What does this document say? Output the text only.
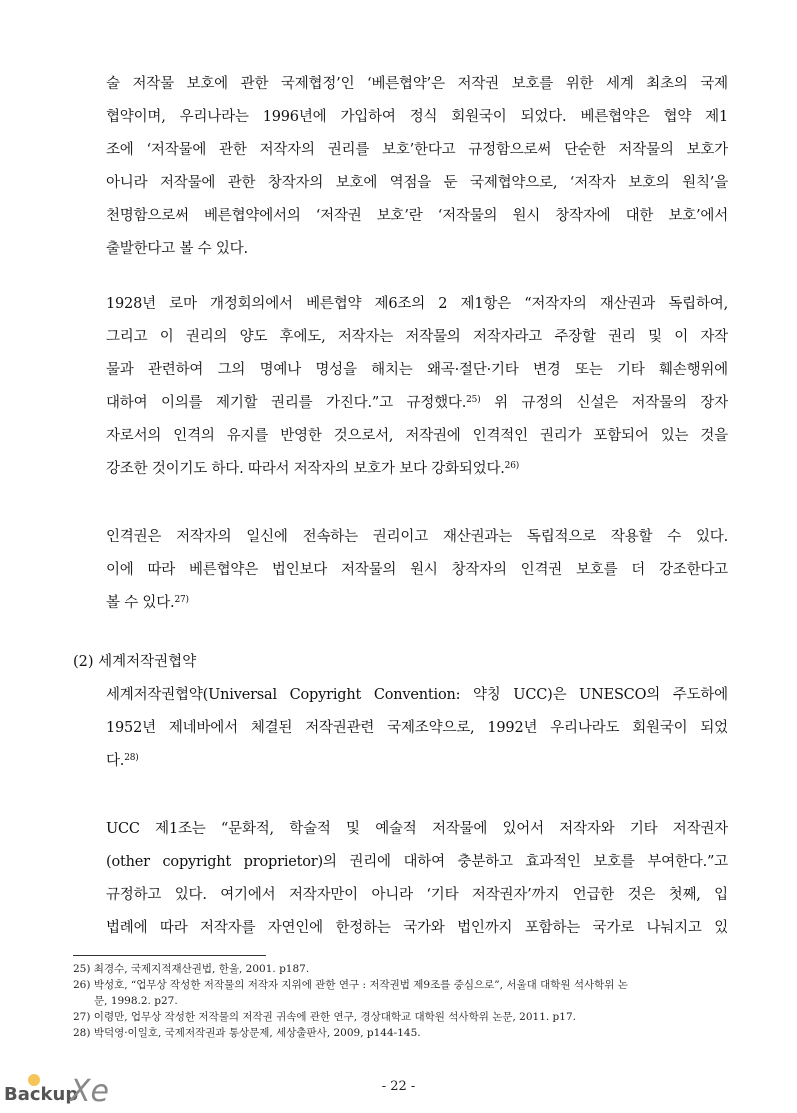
술 저작물 보호에 관한 국제협정’인 ‘베른협약’은 저작권 보호를 위한 세계 최초의 국제
협약이며, 우리나라는 1996년에 가입하여 정식 회원국이 되었다. 베른협약은 협약 제1
조에 ‘저작물에 관한 저작자의 권리를 보호’한다고 규정함으로써 단순한 저작물의 보호가
아니라 저작물에 관한 창작자의 보호에 역점을 둔 국제협약으로, ‘저작자 보호의 원칙’을
천명함으로써 베른협약에서의 ‘저작권 보호’란 ‘저작물의 원시 창작자에 대한 보호’에서
출발한다고 볼 수 있다.
1928년 로마 개정회의에서 베른협약 제6조의 2 제1항은 “저작자의 재산권과 독립하여,
그리고 이 권리의 양도 후에도, 저작자는 저작물의 저작자라고 주장할 권리 및 이 자작
물과 관련하여 그의 명예나 명성을 해치는 왜곡·절단·기타 변경 또는 기타 훼손행위에
대하여 이의를 제기할 권리를 가진다.”고 규정했다.$^{25)}$ 위 규정의 신설은 저작물의 장자
자로서의 인격의 유지를 반영한 것으로서, 저작권에 인격적인 권리가 포함되어 있는 것을
강조한 것이기도 하다. 따라서 저작자의 보호가 보다 강화되었다.$^{26)}$
인격권은 저작자의 일신에 전속하는 권리이고 재산권과는 독립적으로 작용할 수 있다.
이에 따라 베른협약은 법인보다 저작물의 원시 창작자의 인격권 보호를 더 강조한다고
볼 수 있다.$^{27)}$
(2) 세계저작권협약
세계저작권협약(Universal Copyright Convention: 약칭 UCC)은 UNESCO의 주도하에
1952년 제네바에서 체결된 저작권관련 국제조약으로, 1992년 우리나라도 회원국이 되었
다.$^{28)}$
UCC 제1조는 “문화적, 학술적 및 예술적 저작물에 있어서 저작자와 기타 저작권자
(other copyright proprietor)의 권리에 대하여 충분하고 효과적인 보호를 부여한다.”고
규정하고 있다. 여기에서 저작자만이 아니라 ‘기타 저작권자’까지 언급한 것은 첫째, 입
법례에 따라 저작자를 자연인에 한정하는 국가와 법인까지 포함하는 국가로 나눠지고 있
25) 최경수, 국제지적재산권법, 한울, 2001. p187.
26) 박성호, “업무상 작성한 저작물의 저작자 지위에 관한 연구 : 저작권법 제9조를 중심으로”, 서울대 대학원 석사학위 논
문, 1998.2. p27.
27) 이령만, 업무상 작성한 저작물의 저작권 귀속에 관한 연구, 경상대학교 대학원 석사학위 논문, 2011. p17.
28) 박덕영·이일호, 국제저작권과 통상문제, 세상출판사, 2009, p144-145.
- 22 -
Backup
Xe
